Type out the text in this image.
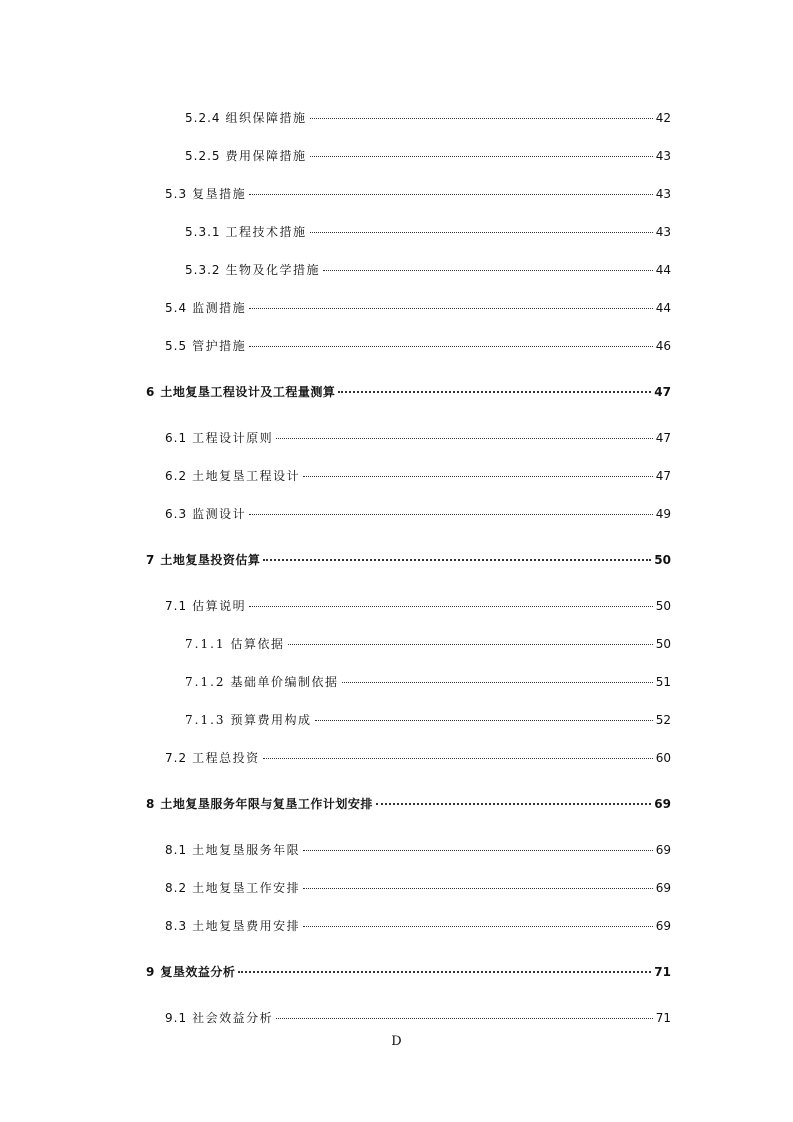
5.2.4 组织保障措施	42
5.2.5 费用保障措施	43
5.3 复垦措施	43
5.3.1 工程技术措施	43
5.3.2 生物及化学措施	44
5.4 监测措施	44
5.5 管护措施	46
6 土地复垦工程设计及工程量测算	47
6.1 工程设计原则	47
6.2 土地复垦工程设计	47
6.3 监测设计	49
7 土地复垦投资估算	50
7.1 估算说明	50
7.1.1 估算依据	50
7.1.2 基础单价编制依据	51
7.1.3 预算费用构成	52
7.2 工程总投资	60
8 土地复垦服务年限与复垦工作计划安排	69
8.1 土地复垦服务年限	69
8.2 土地复垦工作安排	69
8.3 土地复垦费用安排	69
9 复垦效益分析	71
9.1 社会效益分析	71
D
